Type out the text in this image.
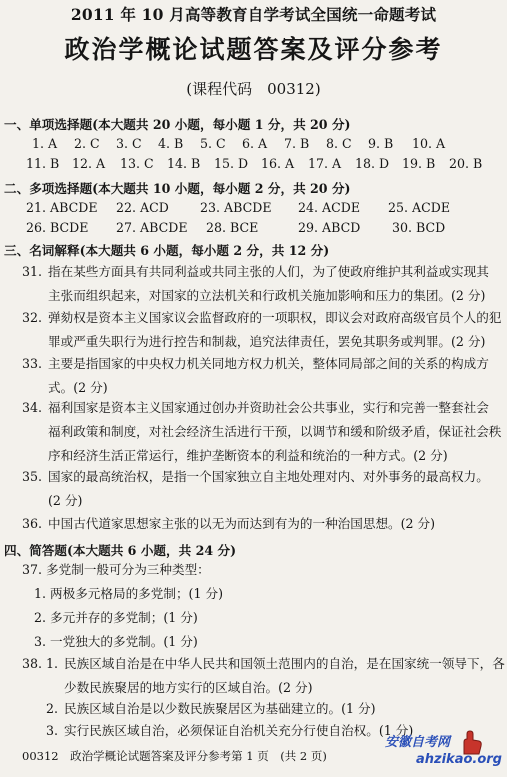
2011 年 10 月高等教育自学考试全国统一命题考试
政治学概论试题答案及评分参考
(课程代码　00312)
一、单项选择题(本大题共 20 小题，每小题 1 分，共 20 分)
1. A 2. C 3. C 4. B 5. C 6. A 7. B 8. C 9. B 10. A
11. B 12. A 13. C 14. B 15. D 16. A 17. A 18. D 19. B 20. B
二、多项选择题(本大题共 10 小题，每小题 2 分，共 20 分)
21. ABCDE 22. ACD 23. ABCDE 24. ACDE 25. ACDE
26. BCDE 27. ABCDE 28. BCE	29. ABCD	30. BCD
三、名词解释(本大题共 6 小题，每小题 2 分，共 12 分)
31. 指在某些方面具有共同利益或共同主张的人们，为了使政府维护其利益或实现其
主张而组织起来，对国家的立法机关和行政机关施加影响和压力的集团。(2 分)
32. 弹劾权是资本主义国家议会监督政府的一项职权，即议会对政府高级官员个人的犯
罪或严重失职行为进行控告和制裁，追究法律责任，罢免其职务或判罪。(2 分)
33. 主要是指国家的中央权力机关同地方权力机关，整体同局部之间的关系的构成方
式。(2 分)
34. 福利国家是资本主义国家通过创办并资助社会公共事业，实行和完善一整套社会
福利政策和制度，对社会经济生活进行干预，以调节和缓和阶级矛盾，保证社会秩
序和经济生活正常运行，维护垄断资本的利益和统治的一种方式。(2 分)
35. 国家的最高统治权，是指一个国家独立自主地处理对内、对外事务的最高权力。
(2 分)
36. 中国古代道家思想家主张的以无为而达到有为的一种治国思想。(2 分)
四、简答题(本大题共 6 小题，共 24 分)
37. 多党制一般可分为三种类型：
1. 两极多元格局的多党制；(1 分)
2. 多元并存的多党制；(1 分)
3. 一党独大的多党制。(1 分)
38. 1. 民族区域自治是在中华人民共和国领土范围内的自治，是在国家统一领导下，各
少数民族聚居的地方实行的区域自治。(2 分)
2. 民族区域自治是以少数民族聚居区为基础建立的。(1 分)
3. 实行民族区域自治，必须保证自治机关充分行使自治权。(1 分)
00312　政治学概论试题答案及评分参考第 1 页　(共 2 页)
安徽自考网
ahzikao.org
